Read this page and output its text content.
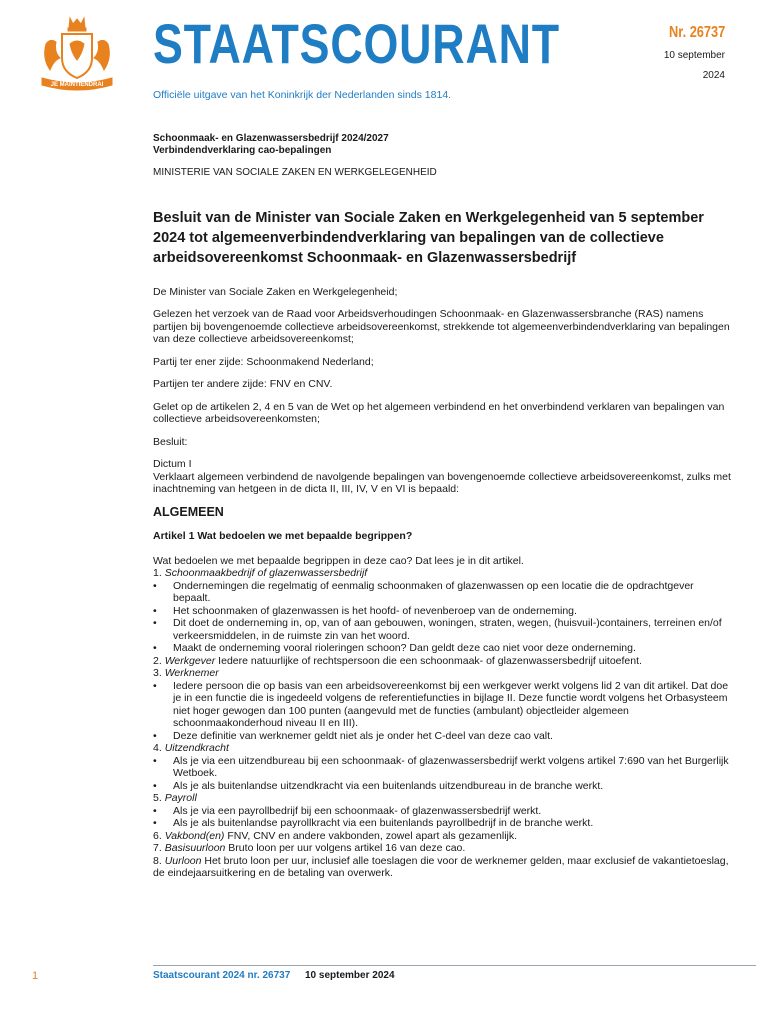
JE MAINTIENDRAI
STAATSCOURANT
Officiële uitgave van het Koninkrijk der Nederlanden sinds 1814.
Nr. 26737
10 september
2024
Schoonmaak- en Glazenwassersbedrijf 2024/2027
Verbindendverklaring cao-bepalingen
MINISTERIE VAN SOCIALE ZAKEN EN WERKGELEGENHEID
Besluit van de Minister van Sociale Zaken en Werkgelegenheid van 5 september 2024 tot algemeenverbindendverklaring van bepalingen van de collectieve arbeidsovereenkomst Schoonmaak- en Glazenwassersbedrijf

De Minister van Sociale Zaken en Werkgelegenheid;

Gelezen het verzoek van de Raad voor Arbeidsverhoudingen Schoonmaak- en Glazenwassersbranche (RAS) namens partijen bij bovengenoemde collectieve arbeidsovereenkomst, strekkende tot algemeenverbindendverklaring van bepalingen van deze collectieve arbeidsovereenkomst;

Partij ter ener zijde: Schoonmakend Nederland;

Partijen ter andere zijde: FNV en CNV.

Gelet op de artikelen 2, 4 en 5 van de Wet op het algemeen verbindend en het onverbindend verklaren van bepalingen van collectieve arbeidsovereenkomsten;

Besluit:

Dictum I

Verklaart algemeen verbindend de navolgende bepalingen van bovengenoemde collectieve arbeidsovereenkomst, zulks met inachtneming van hetgeen in de dicta II, III, IV, V en VI is bepaald:

ALGEMEEN
Artikel 1 Wat bedoelen we met bepaalde begrippen?
Wat bedoelen we met bepaalde begrippen in deze cao? Dat lees je in dit artikel.
1. Schoonmaakbedrijf of glazenwassersbedrijf
• Ondernemingen die regelmatig of eenmalig schoonmaken of glazenwassen op een locatie die de opdrachtgever bepaalt.
• Het schoonmaken of glazenwassen is het hoofd- of nevenberoep van de onderneming.
• Dit doet de onderneming in, op, van of aan gebouwen, woningen, straten, wegen, (huisvuil-)containers, terreinen en/of verkeersmiddelen, in de ruimste zin van het woord.
• Maakt de onderneming vooral rioleringen schoon? Dan geldt deze cao niet voor deze onderneming.
2. Werkgever Iedere natuurlijke of rechtspersoon die een schoonmaak- of glazenwassersbedrijf uitoefent.
3. Werknemer
• Iedere persoon die op basis van een arbeidsovereenkomst bij een werkgever werkt volgens lid 2 van dit artikel. Dat doe je in een functie die is ingedeeld volgens de referentiefuncties in bijlage II. Deze functie wordt volgens het Orbasysteem niet hoger gewogen dan 100 punten (aangevuld met de functies (ambulant) objectleider algemeen schoonmaakonderhoud niveau II en III).
• Deze definitie van werknemer geldt niet als je onder het C-deel van deze cao valt.
4. Uitzendkracht
• Als je via een uitzendbureau bij een schoonmaak- of glazenwassersbedrijf werkt volgens artikel 7:690 van het Burgerlijk Wetboek.
• Als je als buitenlandse uitzendkracht via een buitenlands uitzendbureau in de branche werkt.
5. Payroll
• Als je via een payrollbedrijf bij een schoonmaak- of glazenwassersbedrijf werkt.
• Als je als buitenlandse payrollkracht via een buitenlands payrollbedrijf in de branche werkt.
6. Vakbond(en) FNV, CNV en andere vakbonden, zowel apart als gezamenlijk.
7. Basisuurloon Bruto loon per uur volgens artikel 16 van deze cao.
8. Uurloon Het bruto loon per uur, inclusief alle toeslagen die voor de werknemer gelden, maar exclusief de vakantietoeslag, de eindejaarsuitkering en de betaling van overwerk.
1	Staatscourant 2024 nr. 26737 10 september 2024
